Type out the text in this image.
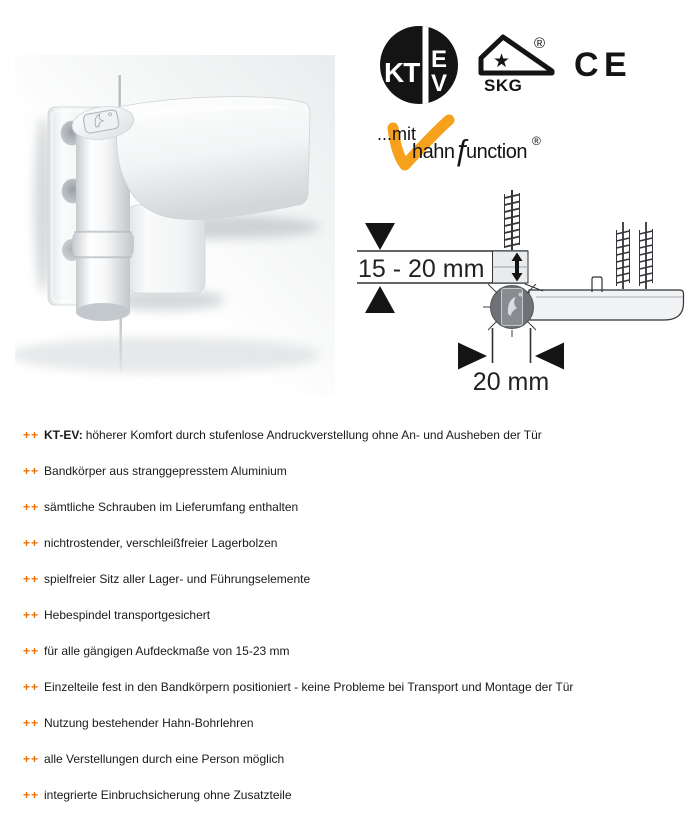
KT E
V
★
®
SKG
C E
...mit
hahn
ƒ
unction ®
15 - 20 mm
20 mm
++ KT-EV: höherer Komfort durch stufenlose Andruckverstellung ohne An- und Ausheben der Tür
++ Bandkörper aus stranggepresstem Aluminium
++ sämtliche Schrauben im Lieferumfang enthalten
++ nichtrostender, verschleißfreier Lagerbolzen
++ spielfreier Sitz aller Lager- und Führungselemente
++ Hebespindel transportgesichert
++ für alle gängigen Aufdeckmaße von 15-23 mm
++ Einzelteile fest in den Bandkörpern positioniert - keine Probleme bei Transport und Montage der Tür
++ Nutzung bestehender Hahn-Bohrlehren
++ alle Verstellungen durch eine Person möglich
++ integrierte Einbruchsicherung ohne Zusatzteile
